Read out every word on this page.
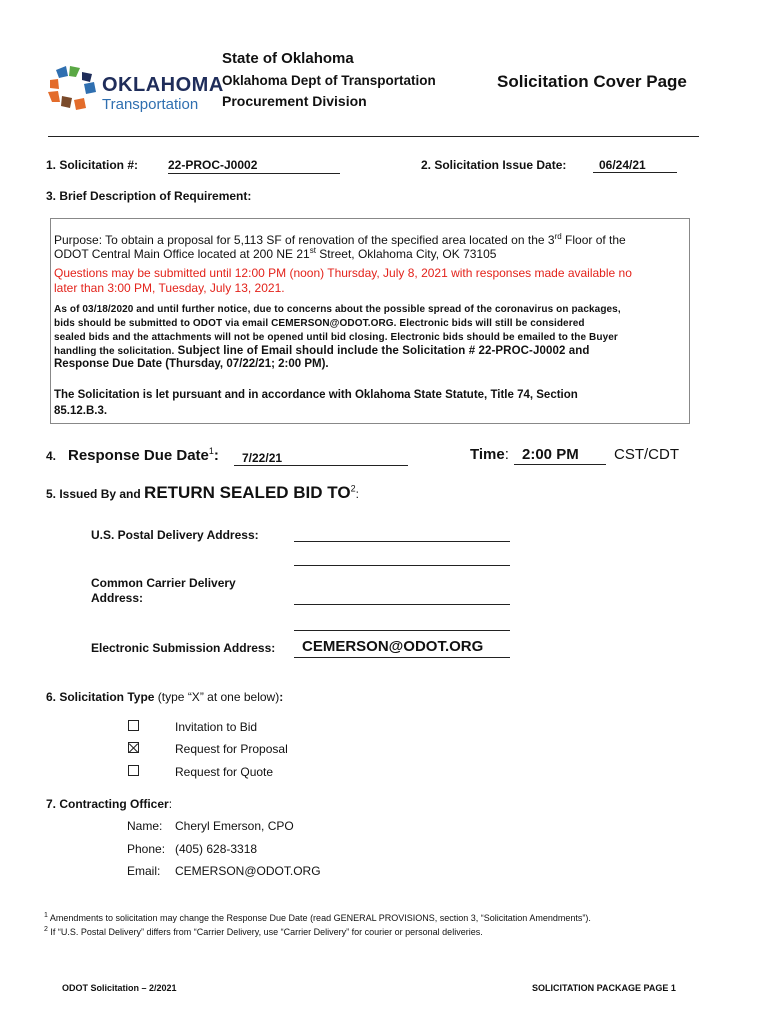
OKLAHOMA
Transportation
State of Oklahoma
Oklahoma Dept of Transportation
Procurement Division
Solicitation Cover Page
1. Solicitation #: 22-PROC-J0002	2. Solicitation Issue Date:	06/24/21
3. Brief Description of Requirement:
Purpose: To obtain a proposal for 5,113 SF of renovation of the specified area located on the 3rd Floor of the
ODOT Central Main Office located at 200 NE 21st Street, Oklahoma City, OK 73105
Questions may be submitted until 12:00 PM (noon) Thursday, July 8, 2021 with responses made available no
later than 3:00 PM, Tuesday, July 13, 2021.
As of 03/18/2020 and until further notice, due to concerns about the possible spread of the coronavirus on packages,
bids should be submitted to ODOT via email CEMERSON@ODOT.ORG. Electronic bids will still be considered
sealed bids and the attachments will not be opened until bid closing. Electronic bids should be emailed to the Buyer
handling the solicitation. Subject line of Email should include the Solicitation # 22-PROC-J0002 and
Response Due Date (Thursday, 07/22/21; 2:00 PM).
The Solicitation is let pursuant and in accordance with Oklahoma State Statute, Title 74, Section
85.12.B.3.
4. Response Due Date$^1$:	7/22/21	Time: 2:00 PM	CST/CDT
5. Issued By and RETURN SEALED BID $TO^2$:
U.S. Postal Delivery Address:
Common Carrier Delivery
Address:
Electronic Submission Address:	CEMERSON@ODOT.ORG
6. Solicitation Type (type “X” at one below):
Invitation to Bid
Request for Proposal
Request for Quote
7. Contracting Officer:
Name: Cheryl Emerson, CPO
Phone: (405) 628-3318
Email: CEMERSON@ODOT.ORG
$^1$ Amendments to solicitation may change the Response Due Date (read GENERAL PROVISIONS, section 3, “Solicitation Amendments”).
$^2$ If “U.S. Postal Delivery” differs from “Carrier Delivery, use “Carrier Delivery” for courier or personal deliveries.
ODOT Solicitation – 2/2021	SOLICITATION PACKAGE PAGE 1
